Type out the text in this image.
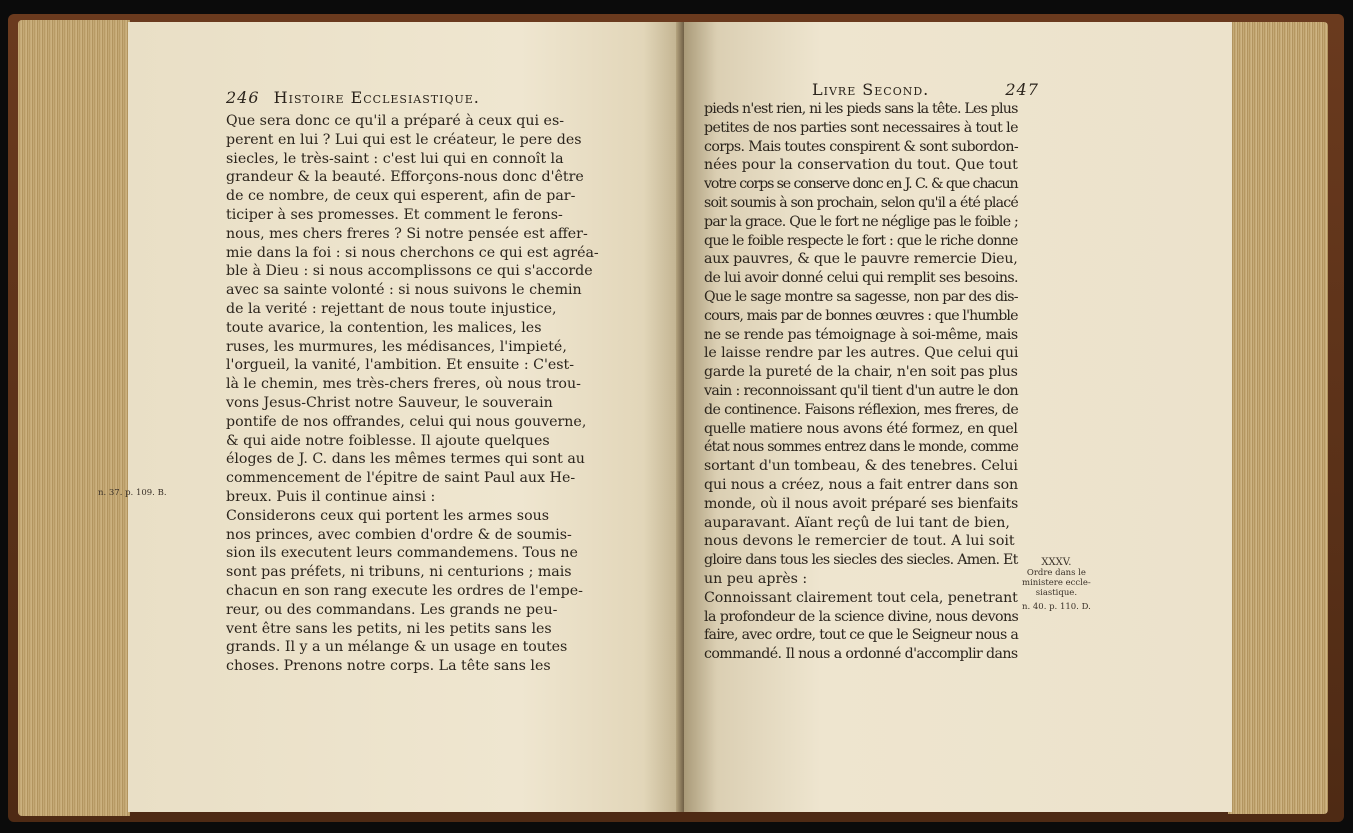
246 Histoire Ecclesiastique.
Que sera donc ce qu'il a préparé à ceux qui es-
perent en lui ? Lui qui est le créateur, le pere des
siecles, le très-saint : c'est lui qui en connoît la
grandeur & la beauté. Efforçons-nous donc d'être
de ce nombre, de ceux qui esperent, afin de par-
ticiper à ses promesses. Et comment le ferons-
nous, mes chers freres ? Si notre pensée est affer-
mie dans la foi : si nous cherchons ce qui est agréa-
ble à Dieu : si nous accomplissons ce qui s'accorde
avec sa sainte volonté : si nous suivons le chemin
de la verité : rejettant de nous toute injustice,
toute avarice, la contention, les malices, les
ruses, les murmures, les médisances, l'impieté,
l'orgueil, la vanité, l'ambition. Et ensuite : C'est-
là le chemin, mes très-chers freres, où nous trou-
vons Jesus-Christ notre Sauveur, le souverain
pontife de nos offrandes, celui qui nous gouverne,
& qui aide notre foiblesse. Il ajoute quelques
éloges de J. C. dans les mêmes termes qui sont au
commencement de l'épitre de saint Paul aux He-
breux. Puis il continue ainsi :
Considerons ceux qui portent les armes sous
nos princes, avec combien d'ordre & de soumis-
sion ils executent leurs commandemens. Tous ne
sont pas préfets, ni tribuns, ni centurions ; mais
chacun en son rang execute les ordres de l'empe-
reur, ou des commandans. Les grands ne peu-
vent être sans les petits, ni les petits sans les
grands. Il y a un mélange & un usage en toutes
choses. Prenons notre corps. La tête sans les
n. 37. p. 109. B.
Livre Second.	247
pieds n'est rien, ni les pieds sans la tête. Les plus
petites de nos parties sont necessaires à tout le
corps. Mais toutes conspirent & sont subordon-
nées pour la conservation du tout. Que tout
votre corps se conserve donc en J. C. & que chacun
soit soumis à son prochain, selon qu'il a été placé
par la grace. Que le fort ne néglige pas le foible ;
que le foible respecte le fort : que le riche donne
aux pauvres, & que le pauvre remercie Dieu,
de lui avoir donné celui qui remplit ses besoins.
Que le sage montre sa sagesse, non par des dis-
cours, mais par de bonnes œuvres : que l'humble
ne se rende pas témoignage à soi-même, mais
le laisse rendre par les autres. Que celui qui
garde la pureté de la chair, n'en soit pas plus
vain : reconnoissant qu'il tient d'un autre le don
de continence. Faisons réflexion, mes freres, de
quelle matiere nous avons été formez, en quel
état nous sommes entrez dans le monde, comme
sortant d'un tombeau, & des tenebres. Celui
qui nous a créez, nous a fait entrer dans son
monde, où il nous avoit préparé ses bienfaits
auparavant. Aïant reçû de lui tant de bien,
nous devons le remercier de tout. A lui soit
gloire dans tous les siecles des siecles. Amen. Et
un peu après :
Connoissant clairement tout cela, penetrant
la profondeur de la science divine, nous devons
faire, avec ordre, tout ce que le Seigneur nous a
commandé. Il nous a ordonné d'accomplir dans
XXXV.
Ordre dans le
ministere eccle-
siastique.
n. 40. p. 110. D.
